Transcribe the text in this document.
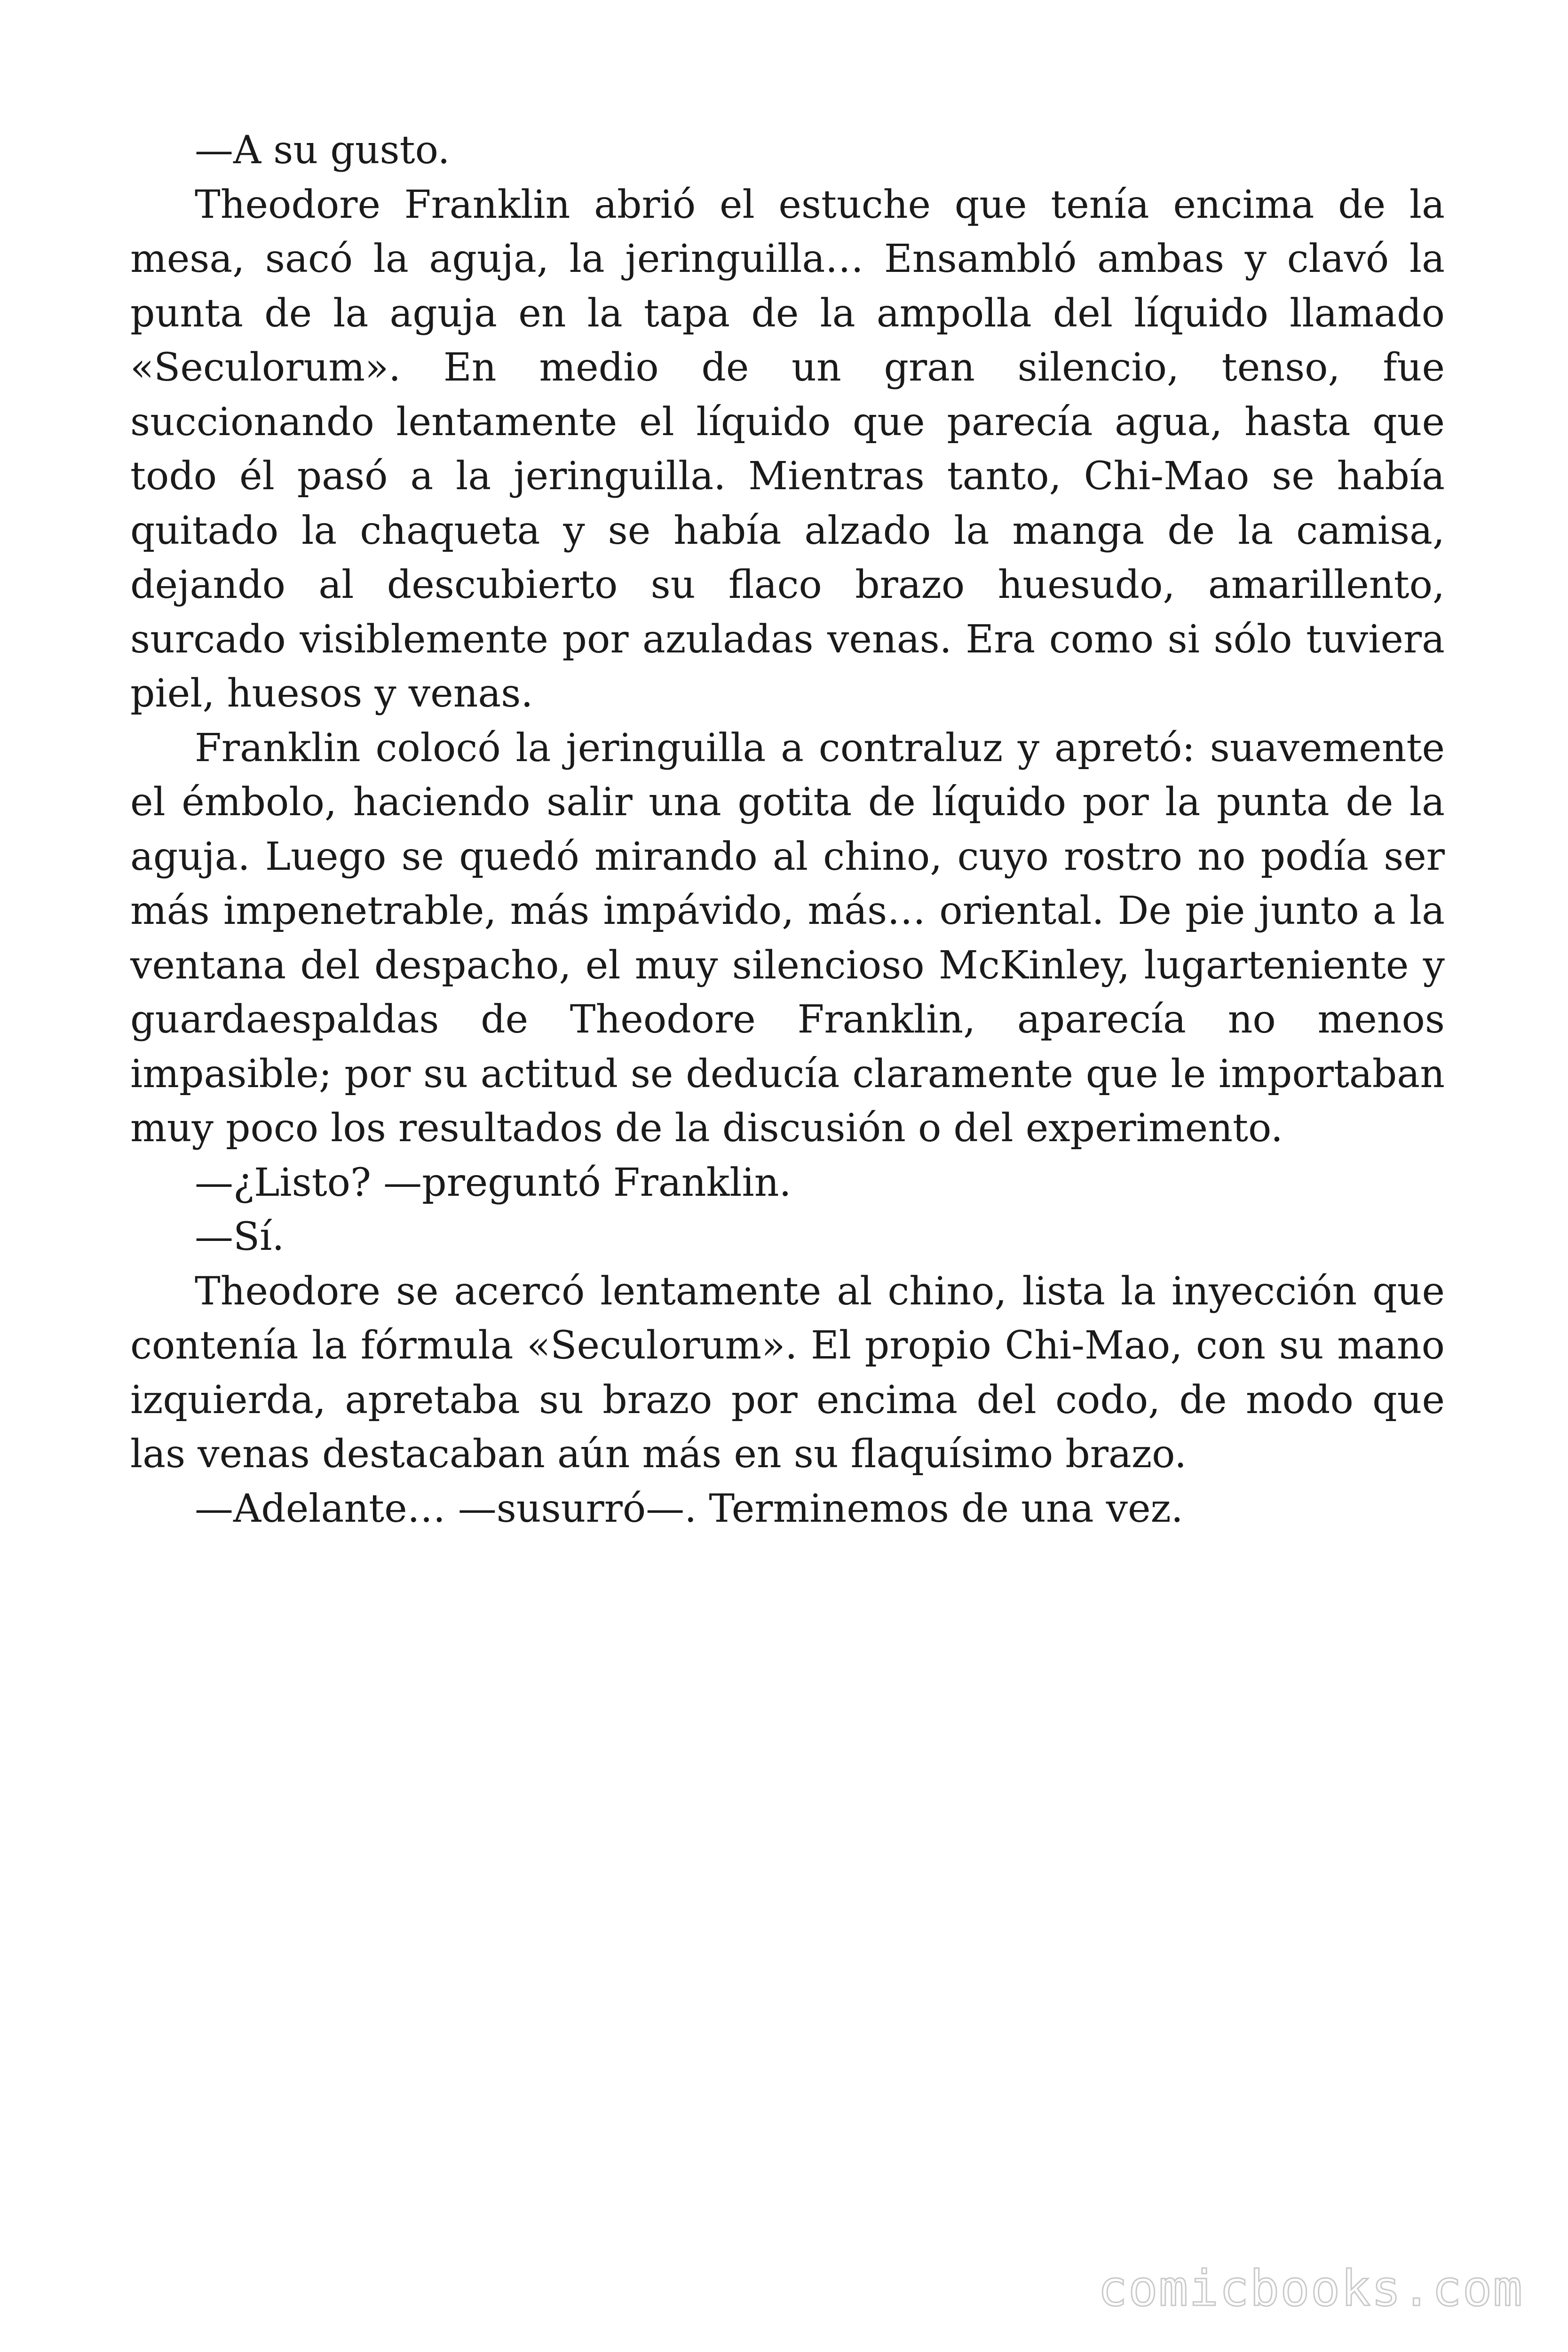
—A su gusto.

Theodore Franklin abrió el estuche que tenía encima de la mesa, sacó la aguja, la jeringuilla… Ensambló ambas y clavó la punta de la aguja en la tapa de la ampolla del líquido llamado «Seculorum». En medio de un gran silencio, tenso, fue succionando lentamente el líquido que parecía agua, hasta que todo él pasó a la jeringuilla. Mientras tanto, Chi-Mao se había quitado la chaqueta y se había alzado la manga de la camisa, dejando al descubierto su flaco brazo huesudo, amarillento, surcado visiblemente por azuladas venas. Era como si sólo tuviera piel, huesos y venas.

Franklin colocó la jeringuilla a contraluz y apretó: suavemente el émbolo, haciendo salir una gotita de líquido por la punta de la aguja. Luego se quedó mirando al chino, cuyo rostro no podía ser más impenetrable, más impávido, más… oriental. De pie junto a la ventana del despacho, el muy silencioso McKinley, lugarteniente y guardaespaldas de Theodore Franklin, aparecía no menos impasible; por su actitud se deducía claramente que le importaban muy poco los resultados de la discusión o del experimento.

—¿Listo? —preguntó Franklin.

—Sí.

Theodore se acercó lentamente al chino, lista la inyección que contenía la fórmula «Seculorum». El propio Chi-Mao, con su mano izquierda, apretaba su brazo por encima del codo, de modo que las venas destacaban aún más en su flaquísimo brazo.

—Adelante… —susurró—. Terminemos de una vez.

comicbooks.com
